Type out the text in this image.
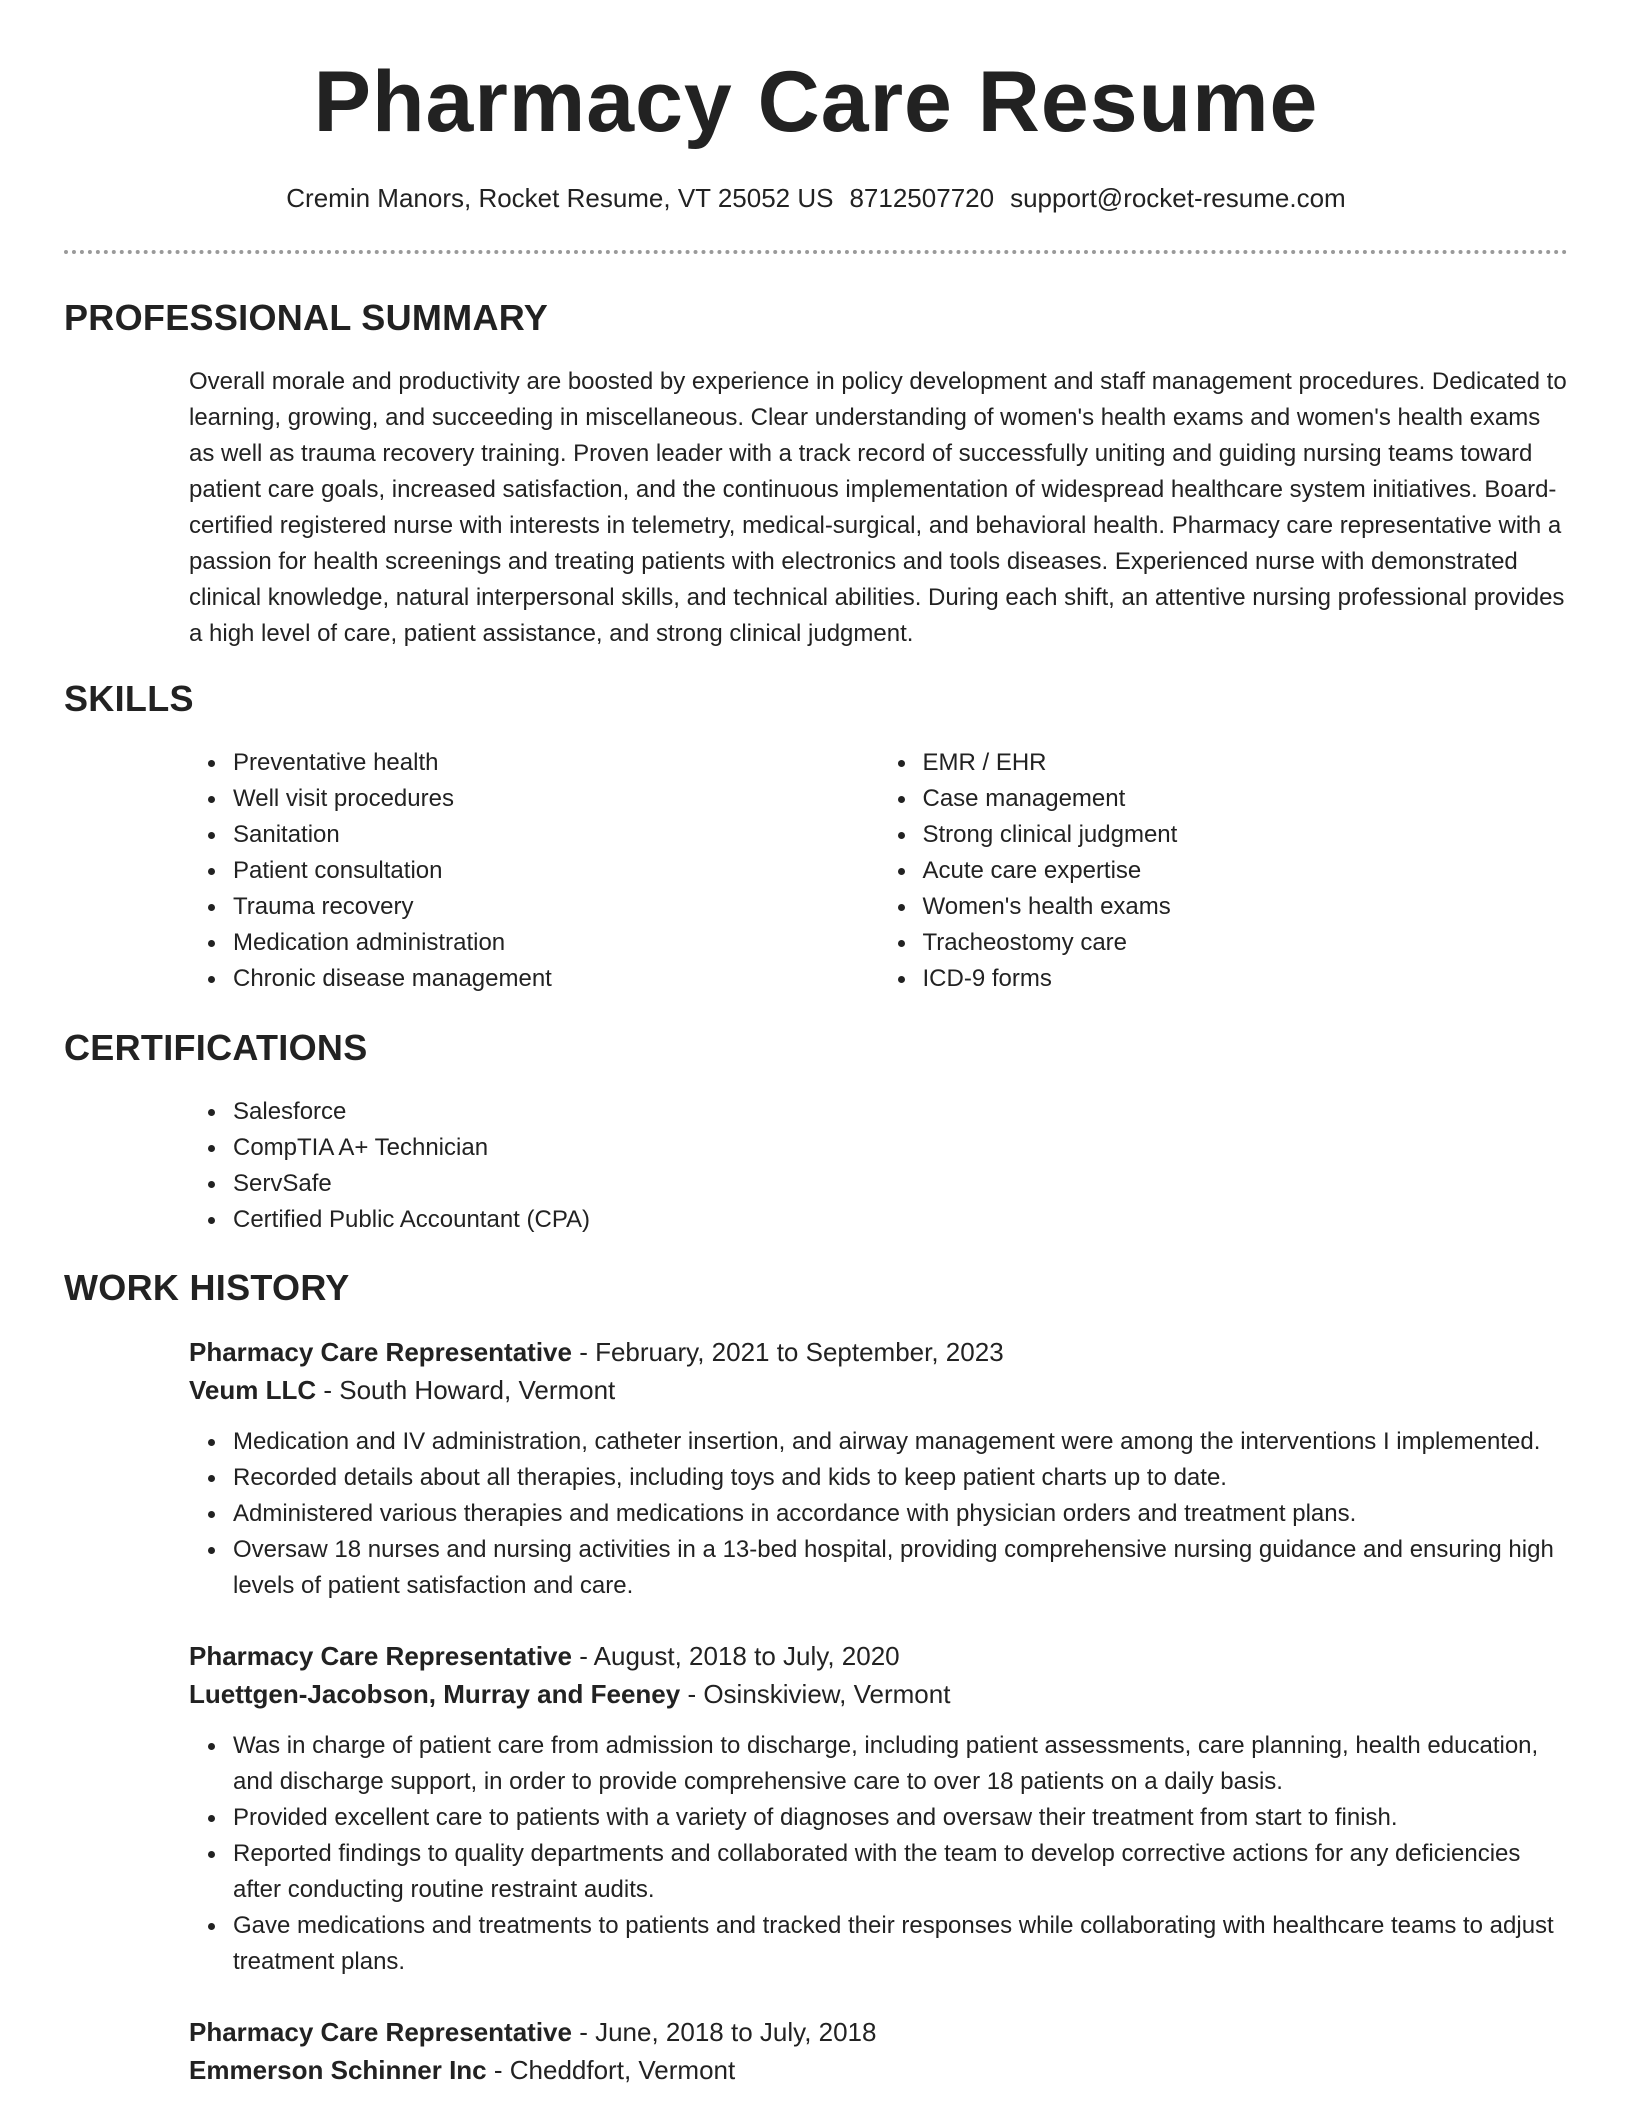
Pharmacy Care Resume
Cremin Manors, Rocket Resume, VT 25052 US 8712507720 support@rocket-resume.com
PROFESSIONAL SUMMARY

Overall morale and productivity are boosted by experience in policy development and staff management procedures. Dedicated to learning, growing, and succeeding in miscellaneous. Clear understanding of women's health exams and women's health exams as well as trauma recovery training. Proven leader with a track record of successfully uniting and guiding nursing teams toward patient care goals, increased satisfaction, and the continuous implementation of widespread healthcare system initiatives. Board-certified registered nurse with interests in telemetry, medical-surgical, and behavioral health. Pharmacy care representative with a passion for health screenings and treating patients with electronics and tools diseases. Experienced nurse with demonstrated clinical knowledge, natural interpersonal skills, and technical abilities. During each shift, an attentive nursing professional provides a high level of care, patient assistance, and strong clinical judgment.

SKILLS
Preventative health
Well visit procedures
Sanitation
Patient consultation
Trauma recovery
Medication administration
Chronic disease management
EMR / EHR
Case management
Strong clinical judgment
Acute care expertise
Women's health exams
Tracheostomy care
ICD-9 forms
CERTIFICATIONS
Salesforce
CompTIA A+ Technician
ServSafe
Certified Public Accountant (CPA)
WORK HISTORY
Pharmacy Care Representative - February, 2021 to September, 2023
Veum LLC - South Howard, Vermont
Medication and IV administration, catheter insertion, and airway management were among the interventions I implemented.
Recorded details about all therapies, including toys and kids to keep patient charts up to date.
Administered various therapies and medications in accordance with physician orders and treatment plans.
Oversaw 18 nurses and nursing activities in a 13-bed hospital, providing comprehensive nursing guidance and ensuring high levels of patient satisfaction and care.
Pharmacy Care Representative - August, 2018 to July, 2020
Luettgen-Jacobson, Murray and Feeney - Osinskiview, Vermont
Was in charge of patient care from admission to discharge, including patient assessments, care planning, health education, and discharge support, in order to provide comprehensive care to over 18 patients on a daily basis.
Provided excellent care to patients with a variety of diagnoses and oversaw their treatment from start to finish.
Reported findings to quality departments and collaborated with the team to develop corrective actions for any deficiencies after conducting routine restraint audits.
Gave medications and treatments to patients and tracked their responses while collaborating with healthcare teams to adjust treatment plans.
Pharmacy Care Representative - June, 2018 to July, 2018
Emmerson Schinner Inc - Cheddfort, Vermont
